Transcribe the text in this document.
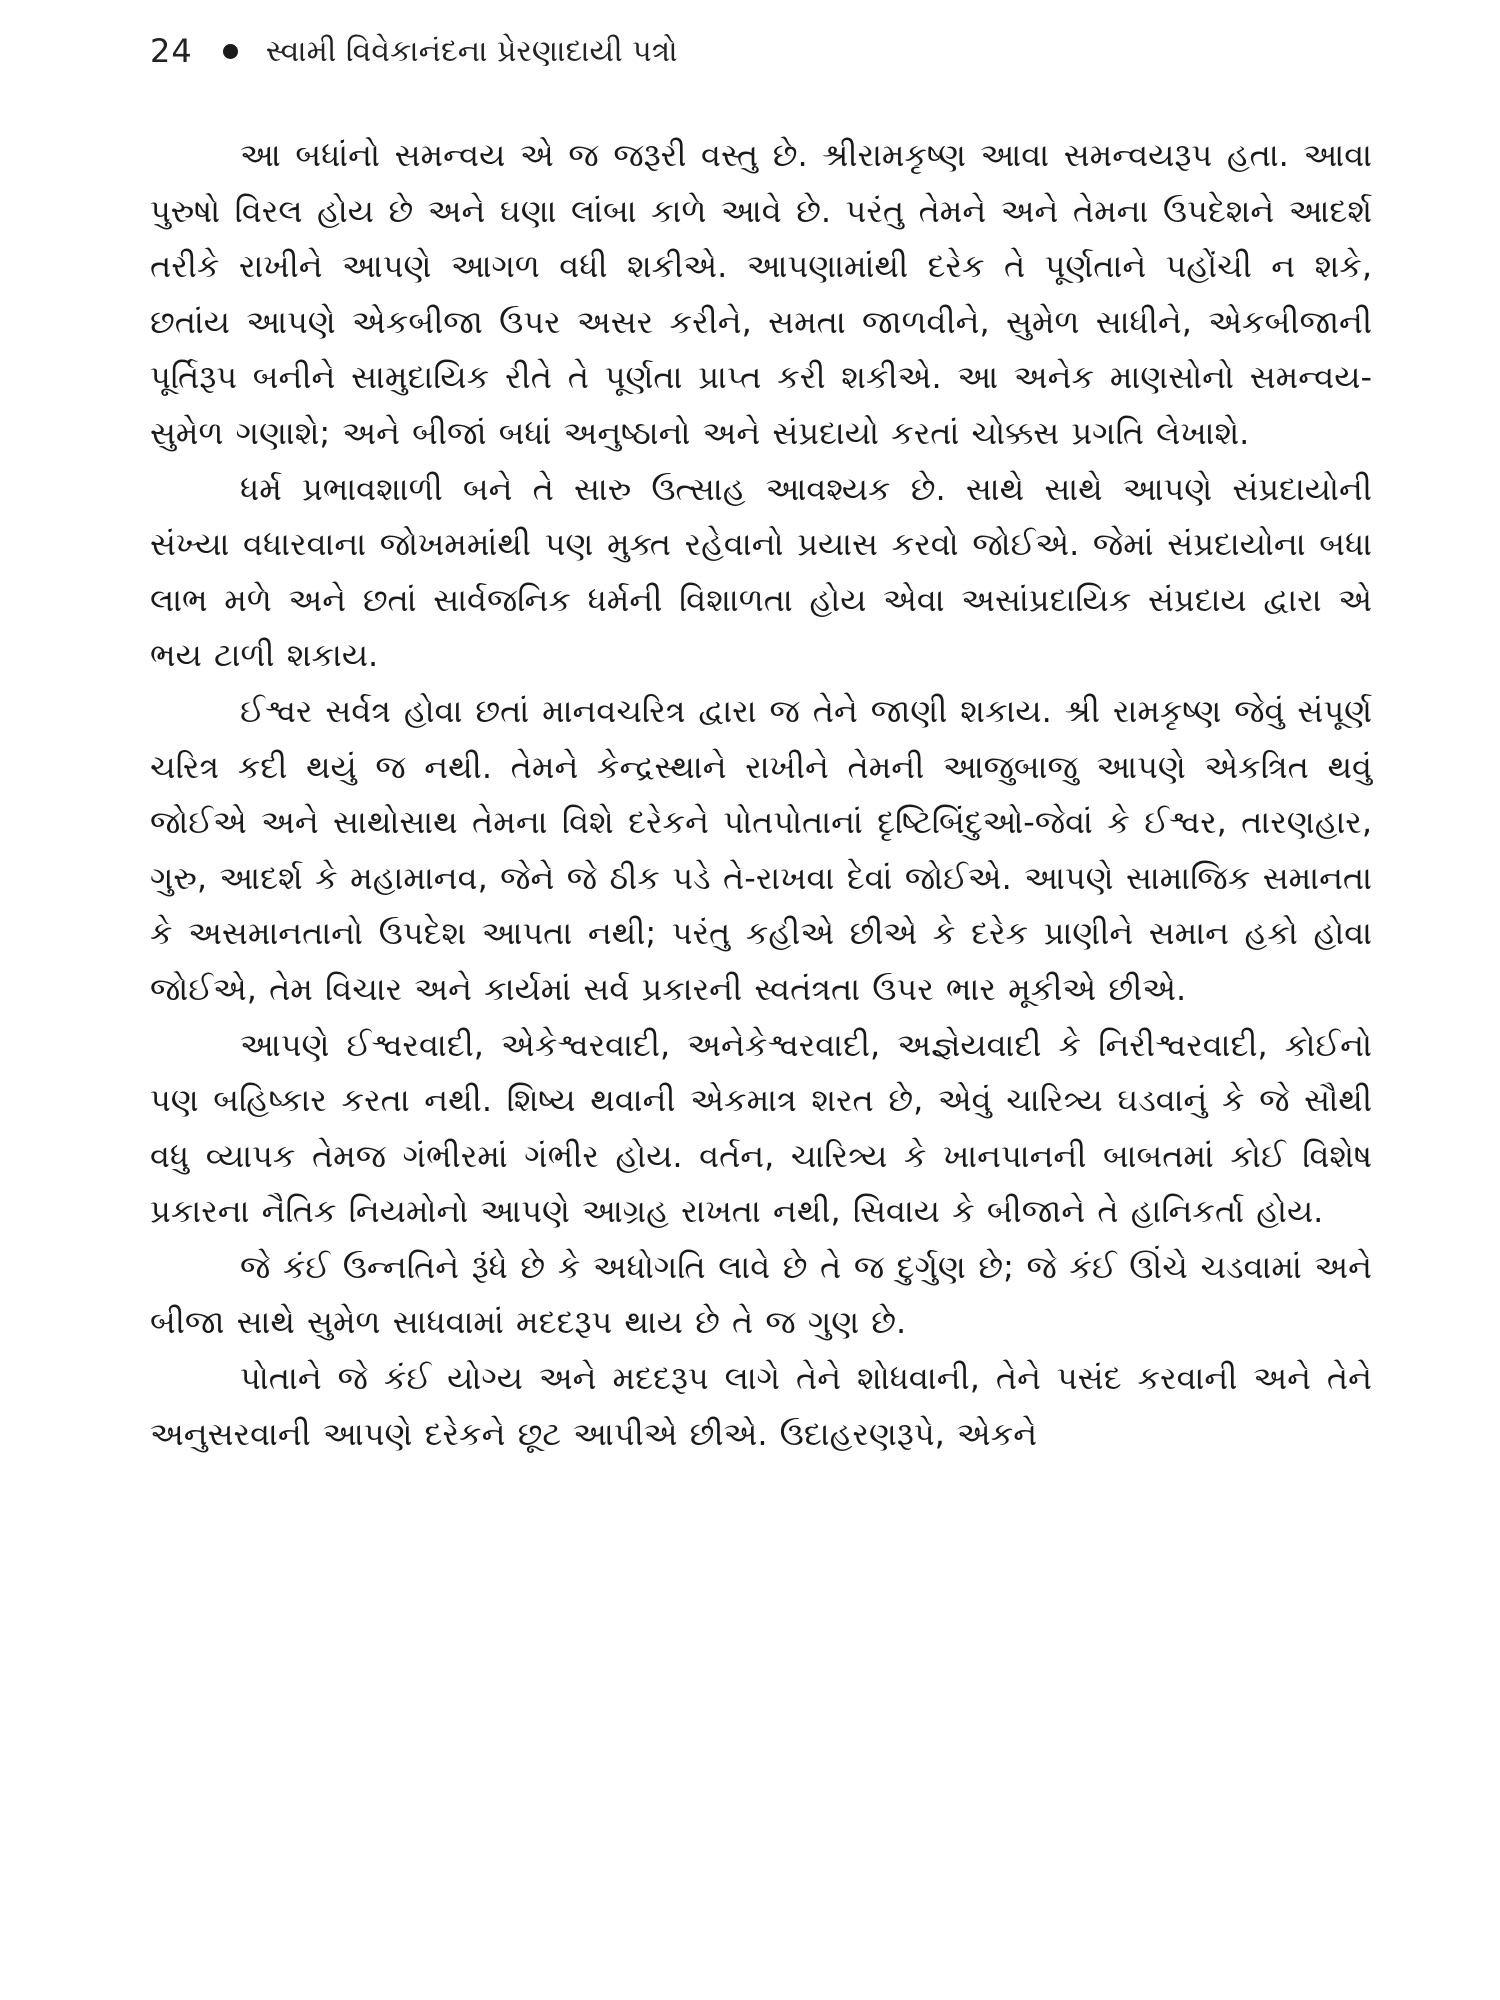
24 સ્વામી વિવેકાનંદના પ્રેરણાદાયી પત્રો

આ બધાંનો સમન્વય એ જ જરૂરી વસ્તુ છે. શ્રીરામકૃષ્ણ આવા સમન્વયરૂપ હતા. આવા પુરુષો વિરલ હોય છે અને ઘણા લાંબા કાળે આવે છે. પરંતુ તેમને અને તેમના ઉપદેશને આદર્શ તરીકે રાખીને આપણે આગળ વધી શકીએ. આપણામાંથી દરેક તે પૂર્ણતાને પહોંચી ન શકે, છતાંય આપણે એકબીજા ઉપર અસર કરીને, સમતા જાળવીને, સુમેળ સાધીને, એકબીજાની પૂર્તિરૂપ બનીને સામુદાયિક રીતે તે પૂર્ણતા પ્રાપ્ત કરી શકીએ. આ અનેક માણસોનો સમન્વય-સુમેળ ગણાશે; અને બીજાં બધાં અનુષ્ઠાનો અને સંપ્રદાયો કરતાં ચોક્કસ પ્રગતિ લેખાશે.

ધર્મ પ્રભાવશાળી બને તે સારુ ઉત્સાહ આવશ્યક છે. સાથે સાથે આપણે સંપ્રદાયોની સંખ્યા વધારવાના જોખમમાંથી પણ મુક્ત રહેવાનો પ્રયાસ કરવો જોઈએ. જેમાં સંપ્રદાયોના બધા લાભ મળે અને છતાં સાર્વજનિક ધર્મની વિશાળતા હોય એવા અસાંપ્રદાયિક સંપ્રદાય દ્વારા એ ભય ટાળી શકાય.

ઈશ્વર સર્વત્ર હોવા છતાં માનવચરિત્ર દ્વારા જ તેને જાણી શકાય. શ્રી રામકૃષ્ણ જેવું સંપૂર્ણ ચરિત્ર કદી થયું જ નથી. તેમને કેન્દ્રસ્થાને રાખીને તેમની આજુબાજુ આપણે એકત્રિત થવું જોઈએ અને સાથોસાથ તેમના વિશે દરેકને પોતપોતાનાં દૃષ્ટિબિંદુઓ-જેવાં કે ઈશ્વર, તારણહાર, ગુરુ, આદર્શ કે મહામાનવ, જેને જે ઠીક પડે તે-રાખવા દેવાં જોઈએ. આપણે સામાજિક સમાનતા કે અસમાનતાનો ઉપદેશ આપતા નથી; પરંતુ કહીએ છીએ કે દરેક પ્રાણીને સમાન હકો હોવા જોઈએ, તેમ વિચાર અને કાર્યમાં સર્વ પ્રકારની સ્વતંત્રતા ઉપર ભાર મૂકીએ છીએ.

આપણે ઈશ્વરવાદી, એકેશ્વરવાદી, અનેકેશ્વરવાદી, અજ્ઞેયવાદી કે નિરીશ્વરવાદી, કોઈનો પણ બહિષ્કાર કરતા નથી. શિષ્ય થવાની એકમાત્ર શરત છે, એવું ચારિત્ર્ય ઘડવાનું કે જે સૌથી વધુ વ્યાપક તેમજ ગંભીરમાં ગંભીર હોય. વર્તન, ચારિત્ર્ય કે ખાનપાનની બાબતમાં કોઈ વિશેષ પ્રકારના નૈતિક નિયમોનો આપણે આગ્રહ રાખતા નથી, સિવાય કે બીજાને તે હાનિકર્તા હોય.

જે કંઈ ઉન્નતિને રૂંધે છે કે અધોગતિ લાવે છે તે જ દુર્ગુણ છે; જે કંઈ ઊંચે ચડવામાં અને બીજા સાથે સુમેળ સાધવામાં મદદરૂપ થાય છે તે જ ગુણ છે.

પોતાને જે કંઈ યોગ્ય અને મદદરૂપ લાગે તેને શોધવાની, તેને પસંદ કરવાની અને તેને અનુસરવાની આપણે દરેકને છૂટ આપીએ છીએ. ઉદાહરણરૂપે, એકને
